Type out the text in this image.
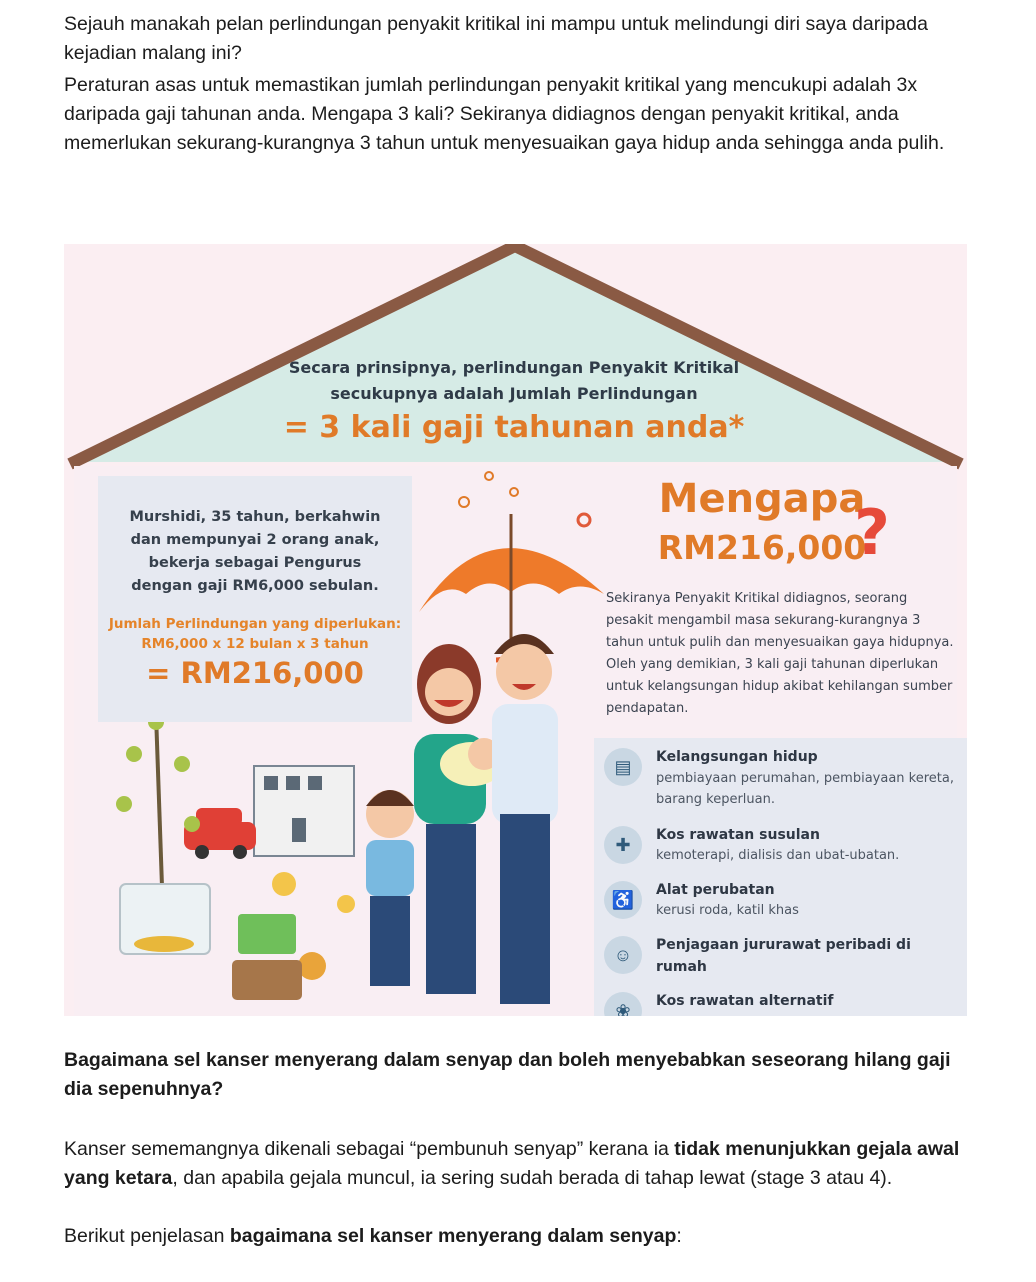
Sejauh manakah pelan perlindungan penyakit kritikal ini mampu untuk melindungi diri saya daripada kejadian malang ini?
Peraturan asas untuk memastikan jumlah perlindungan penyakit kritikal yang mencukupi adalah 3x daripada gaji tahunan anda. Mengapa 3 kali? Sekiranya didiagnos dengan penyakit kritikal, anda memerlukan sekurang-kurangnya 3 tahun untuk menyesuaikan gaya hidup anda sehingga anda pulih.
Secara prinsipnya, perlindungan Penyakit Kritikal
secukupnya adalah Jumlah Perlindungan
= 3 kali gaji tahunan anda*
Murshidi, 35 tahun, berkahwin dan mempunyai 2 orang anak, bekerja sebagai Pengurus dengan gaji RM6,000 sebulan.
Jumlah Perlindungan yang diperlukan:
RM6,000 x 12 bulan x 3 tahun
= RM216,000
Mengapa
RM216,000
?
Sekiranya Penyakit Kritikal didiagnos, seorang pesakit mengambil masa sekurang-kurangnya 3 tahun untuk pulih dan menyesuaikan gaya hidupnya. Oleh yang demikian, 3 kali gaji tahunan diperlukan untuk kelangsungan hidup akibat kehilangan sumber pendapatan.
▤	Kelangsungan hidup
pembiayaan perumahan, pembiayaan kereta, barang keperluan.
✚	Kos rawatan susulan
kemoterapi, dialisis dan ubat-ubatan.
♿	Alat perubatan
kerusi roda, katil khas
☺	Penjagaan jururawat peribadi di rumah
❀	Kos rawatan alternatif
Bagaimana sel kanser menyerang dalam senyap dan boleh menyebabkan seseorang hilang gaji dia sepenuhnya?
Kanser sememangnya dikenali sebagai “pembunuh senyap” kerana ia tidak menunjukkan gejala awal yang ketara, dan apabila gejala muncul, ia sering sudah berada di tahap lewat (stage 3 atau 4).
Berikut penjelasan bagaimana sel kanser menyerang dalam senyap:
